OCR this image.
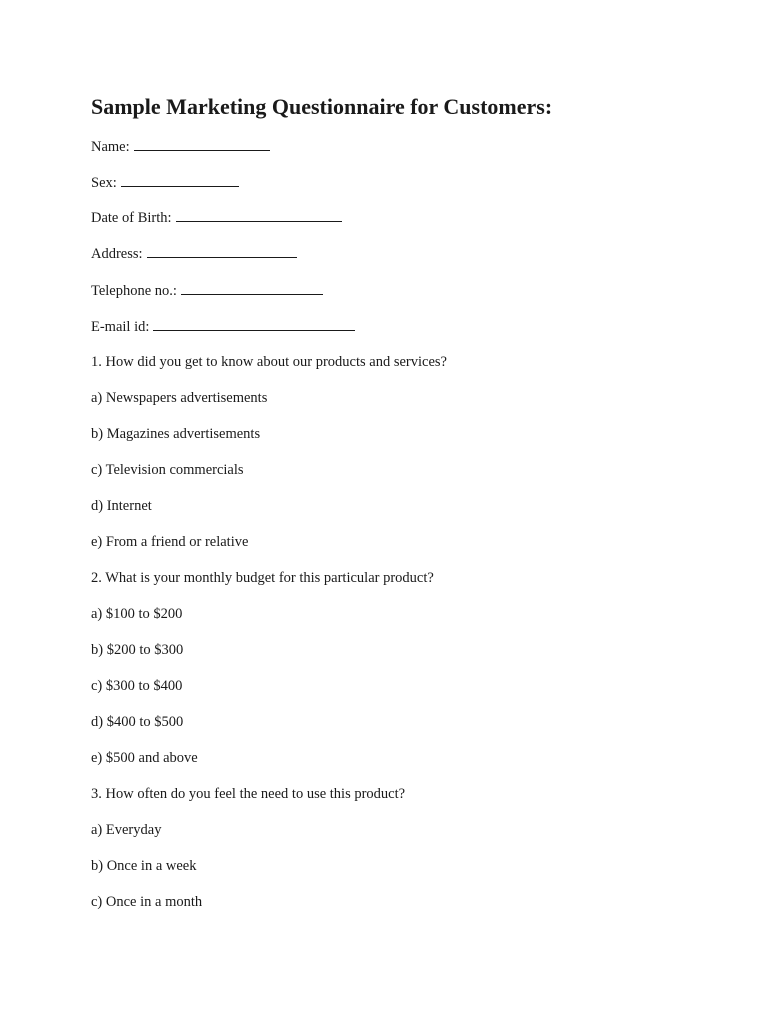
Sample Marketing Questionnaire for Customers:

Name:

Sex:

Date of Birth:

Address:

Telephone no.:

E-mail id:

1. How did you get to know about our products and services?

a) Newspapers advertisements

b) Magazines advertisements

c) Television commercials

d) Internet

e) From a friend or relative

2. What is your monthly budget for this particular product?

a) $100 to $200

b) $200 to $300

c) $300 to $400

d) $400 to $500

e) $500 and above

3. How often do you feel the need to use this product?

a) Everyday

b) Once in a week

c) Once in a month
